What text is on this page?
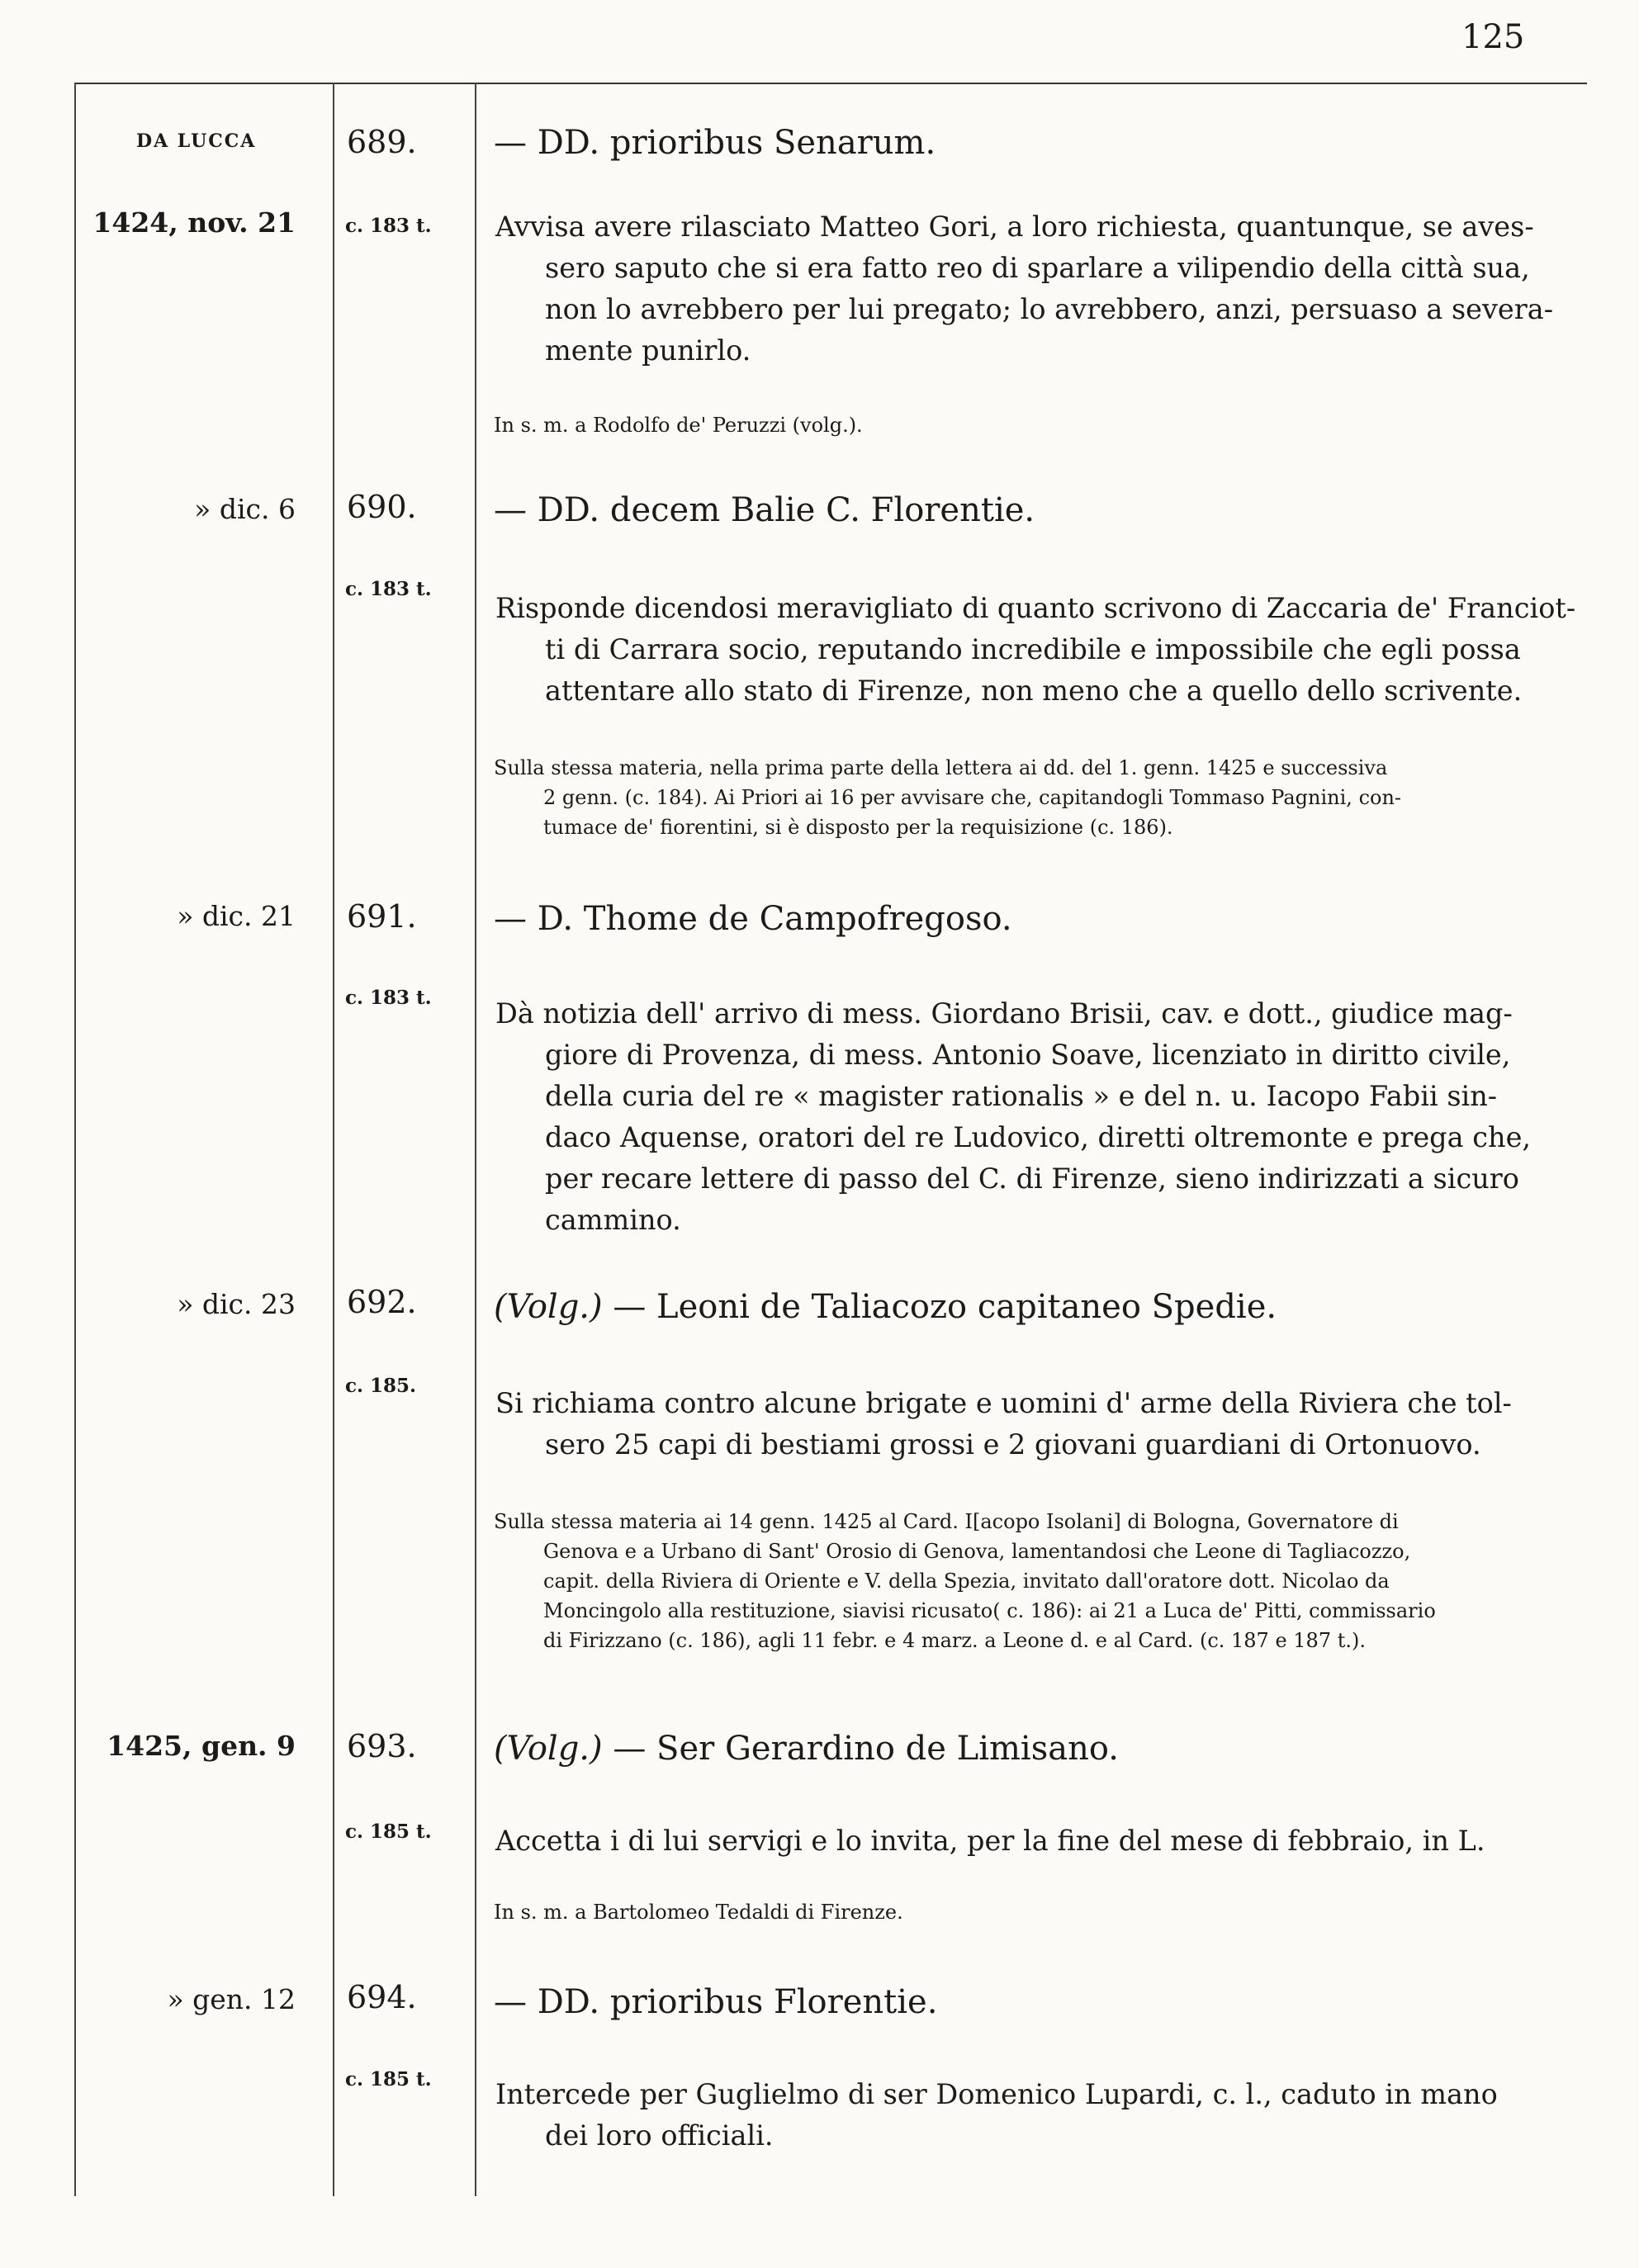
125
DA LUCCA
1424, nov. 21
689.
c. 183 t.
— DD. prioribus Senarum.
Avvisa avere rilasciato Matteo Gori, a loro richiesta, quantunque, se aves-
sero saputo che si era fatto reo di sparlare a vilipendio della città sua,
non lo avrebbero per lui pregato; lo avrebbero, anzi, persuaso a severa-
mente punirlo.
In s. m. a Rodolfo de' Peruzzi (volg.).
» dic. 6 690.
c. 183 t.
— DD. decem Balie C. Florentie.
Risponde dicendosi meravigliato di quanto scrivono di Zaccaria de' Franciot-
ti di Carrara socio, reputando incredibile e impossibile che egli possa
attentare allo stato di Firenze, non meno che a quello dello scrivente.
Sulla stessa materia, nella prima parte della lettera ai dd. del 1. genn. 1425 e successiva
2 genn. (c. 184). Ai Priori ai 16 per avvisare che, capitandogli Tommaso Pagnini, con-
tumace de' fiorentini, si è disposto per la requisizione (c. 186).
» dic. 21 691.
c. 183 t.
— D. Thome de Campofregoso.
Dà notizia dell' arrivo di mess. Giordano Brisii, cav. e dott., giudice mag-
giore di Provenza, di mess. Antonio Soave, licenziato in diritto civile,
della curia del re « magister rationalis » e del n. u. Iacopo Fabii sin-
daco Aquense, oratori del re Ludovico, diretti oltremonte e prega che,
per recare lettere di passo del C. di Firenze, sieno indirizzati a sicuro
cammino.
» dic. 23 692.
c. 185.
(Volg.) — Leoni de Taliacozo capitaneo Spedie.
Si richiama contro alcune brigate e uomini d' arme della Riviera che tol-
sero 25 capi di bestiami grossi e 2 giovani guardiani di Ortonuovo.
Sulla stessa materia ai 14 genn. 1425 al Card. I[acopo Isolani] di Bologna, Governatore di
Genova e a Urbano di Sant' Orosio di Genova, lamentandosi che Leone di Tagliacozzo,
capit. della Riviera di Oriente e V. della Spezia, invitato dall'oratore dott. Nicolao da
Moncingolo alla restituzione, siavisi ricusato( c. 186): ai 21 a Luca de' Pitti, commissario
di Firizzano (c. 186), agli 11 febr. e 4 marz. a Leone d. e al Card. (c. 187 e 187 t.).
1425, gen. 9 693.
c. 185 t.
(Volg.) — Ser Gerardino de Limisano.
Accetta i di lui servigi e lo invita, per la fine del mese di febbraio, in L.
In s. m. a Bartolomeo Tedaldi di Firenze.
» gen. 12 694.
c. 185 t.
— DD. prioribus Florentie.
Intercede per Guglielmo di ser Domenico Lupardi, c. l., caduto in mano
dei loro officiali.
